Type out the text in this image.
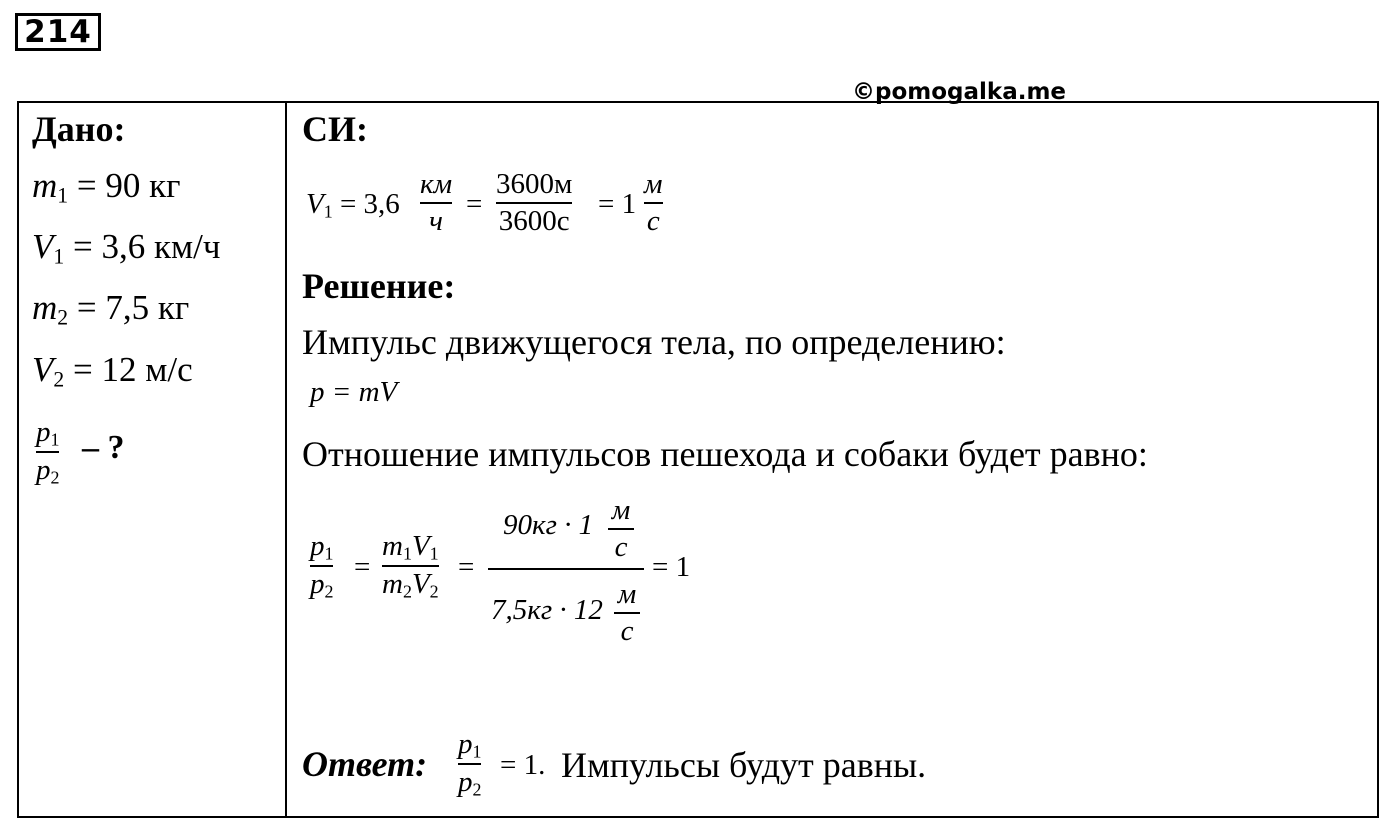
214
©pomogalka.me
Дано:
$m_1 = 90$ кг
$V_1 = 3,6$ км/ч
$m_2 = 7,5$ кг
$V_2 = 12$ м/с
$p_1$
$p_2$
– ?
СИ:
$V_1 = 3,6$
км
ч
=
3600м
3600с
= 1
м
с
Решение:
Импульс движущегося тела, по определению:
p = mV
Отношение импульсов пешехода и собаки будет равно:
$p_1$
$p_2$
=
$m_1V_1$
$m_2V_2$
=
90кг · 1 м
с
7,5кг · 12 м
с
= 1
Ответ: $p_1$
$p_2$
= 1. Импульсы будут равны.
